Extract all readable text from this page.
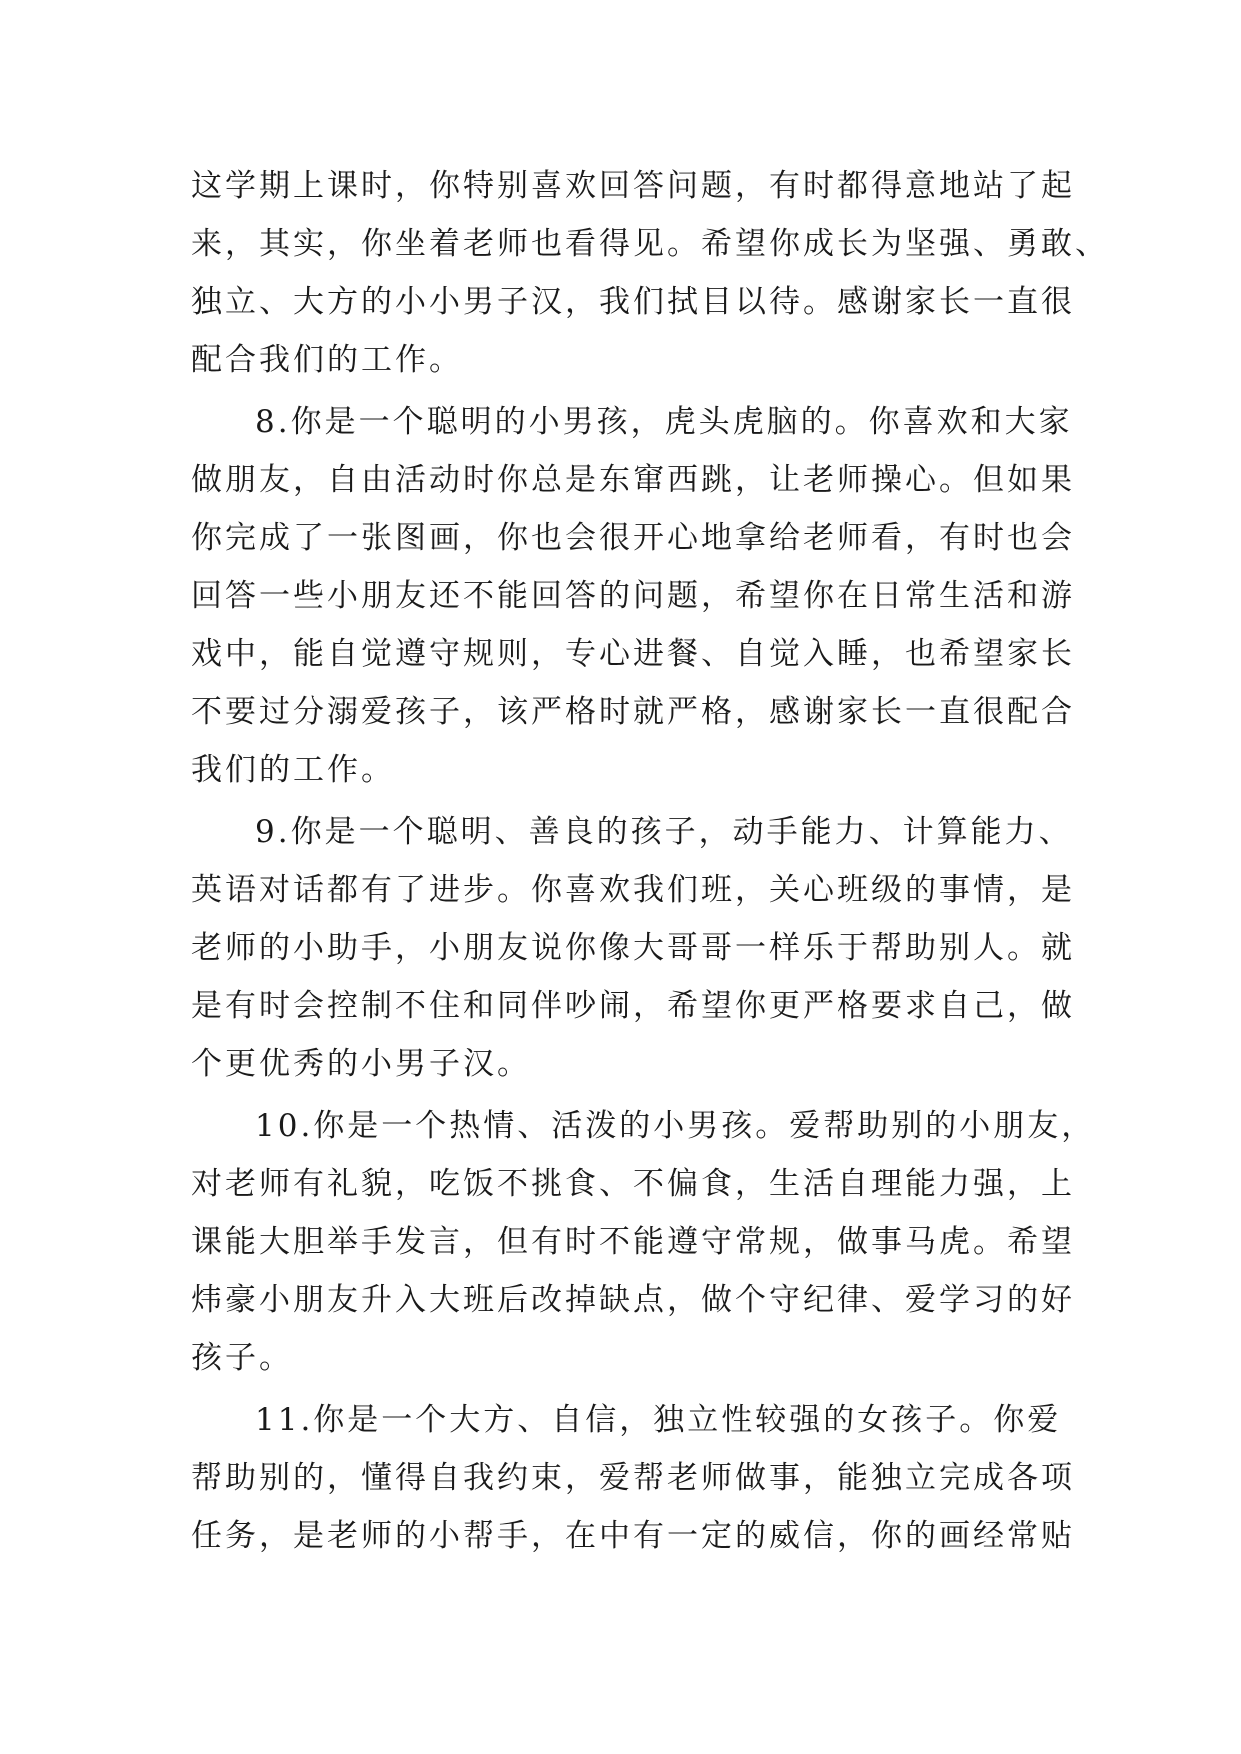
这学期上课时，你特别喜欢回答问题，有时都得意地站了起
来，其实，你坐着老师也看得见。希望你成长为坚强、勇敢、
独立、大方的小小男子汉，我们拭目以待。感谢家长一直很
配合我们的工作。
8.你是一个聪明的小男孩，虎头虎脑的。你喜欢和大家
做朋友，自由活动时你总是东窜西跳，让老师操心。但如果
你完成了一张图画，你也会很开心地拿给老师看，有时也会
回答一些小朋友还不能回答的问题，希望你在日常生活和游
戏中，能自觉遵守规则，专心进餐、自觉入睡，也希望家长
不要过分溺爱孩子，该严格时就严格，感谢家长一直很配合
我们的工作。
9.你是一个聪明、善良的孩子，动手能力、计算能力、
英语对话都有了进步。你喜欢我们班，关心班级的事情，是
老师的小助手，小朋友说你像大哥哥一样乐于帮助别人。就
是有时会控制不住和同伴吵闹，希望你更严格要求自己，做
个更优秀的小男子汉。
10.你是一个热情、活泼的小男孩。爱帮助别的小朋友，
对老师有礼貌，吃饭不挑食、不偏食，生活自理能力强，上
课能大胆举手发言，但有时不能遵守常规，做事马虎。希望
炜豪小朋友升入大班后改掉缺点，做个守纪律、爱学习的好
孩子。
11.你是一个大方、自信，独立性较强的女孩子。你爱
帮助别的，懂得自我约束，爱帮老师做事，能独立完成各项
任务，是老师的小帮手，在中有一定的威信，你的画经常贴
